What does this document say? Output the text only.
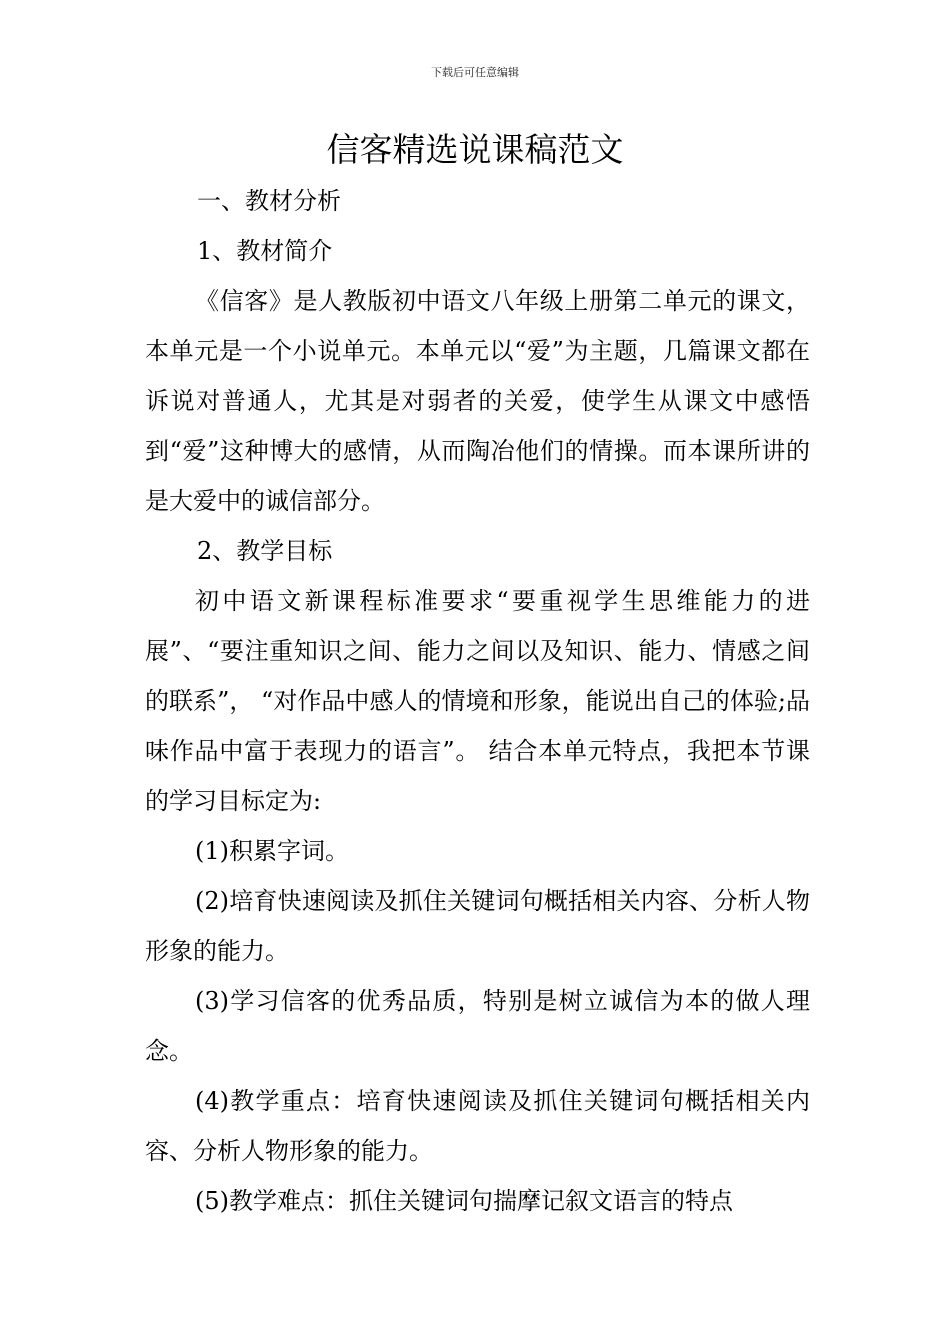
下载后可任意编辑
信客精选说课稿范文

一、教材分析

1、教材简介

《信客》是人教版初中语文八年级上册第二单元的课文，本单元是一个小说单元。本单元以“爱”为主题，几篇课文都在诉说对普通人，尤其是对弱者的关爱，使学生从课文中感悟到“爱”这种博大的感情，从而陶冶他们的情操。而本课所讲的是大爱中的诚信部分。

2、教学目标

初中语文新课程标准要求“要重视学生思维能力的进展”、“要注重知识之间、能力之间以及知识、能力、情感之间的联系”， “对作品中感人的情境和形象，能说出自己的体验;品味作品中富于表现力的语言”。 结合本单元特点，我把本节课的学习目标定为:

(1)积累字词。

(2)培育快速阅读及抓住关键词句概括相关内容、分析人物形象的能力。

(3)学习信客的优秀品质，特别是树立诚信为本的做人理念。

(4)教学重点：培育快速阅读及抓住关键词句概括相关内容、分析人物形象的能力。

(5)教学难点：抓住关键词句揣摩记叙文语言的特点
